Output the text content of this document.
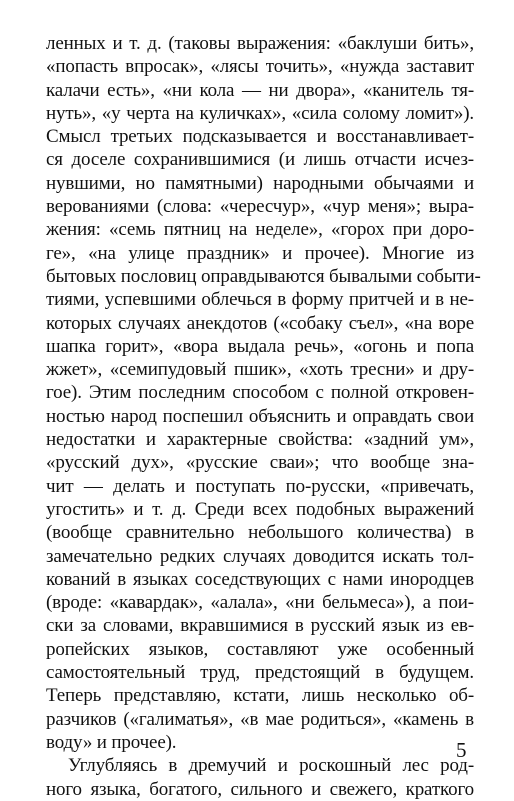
ленных и т. д. (таковы выражения: «баклуши бить»,
«попасть впросак», «лясы точить», «нужда заставит
калачи есть», «ни кола — ни двора», «канитель тя-
нуть», «у черта на куличках», «сила солому ломит»).
Смысл третьих подсказывается и восстанавливает-
ся доселе сохранившимися (и лишь отчасти исчез-
нувшими, но памятными) народными обычаями и
верованиями (слова: «чересчур», «чур меня»; выра-
жения: «семь пятниц на неделе», «горох при доро-
ге», «на улице праздник» и прочее). Многие из
бытовых пословиц оправдываются бывалыми событи-
тиями, успевшими облечься в форму притчей и в не-
которых случаях анекдотов («собаку съел», «на воре
шапка горит», «вора выдала речь», «огонь и попа
жжет», «семипудовый пшик», «хоть тресни» и дру-
гое). Этим последним способом с полной откровен-
ностью народ поспешил объяснить и оправдать свои
недостатки и характерные свойства: «задний ум»,
«русский дух», «русские сваи»; что вообще зна-
чит — делать и поступать по-русски, «привечать,
угостить» и т. д. Среди всех подобных выражений
(вообще сравнительно небольшого количества) в
замечательно редких случаях доводится искать тол-
кований в языках соседствующих с нами инородцев
(вроде: «кавардак», «алала», «ни бельмеса»), а пои-
ски за словами, вкравшимися в русский язык из ев-
ропейских языков, составляют уже особенный
самостоятельный труд, предстоящий в будущем.
Теперь представляю, кстати, лишь несколько об-
разчиков («галиматья», «в мае родиться», «камень в
воду» и прочее).
Углубляясь в дремучий и роскошный лес род-
ного языка, богатого, сильного и свежего, краткого
5
